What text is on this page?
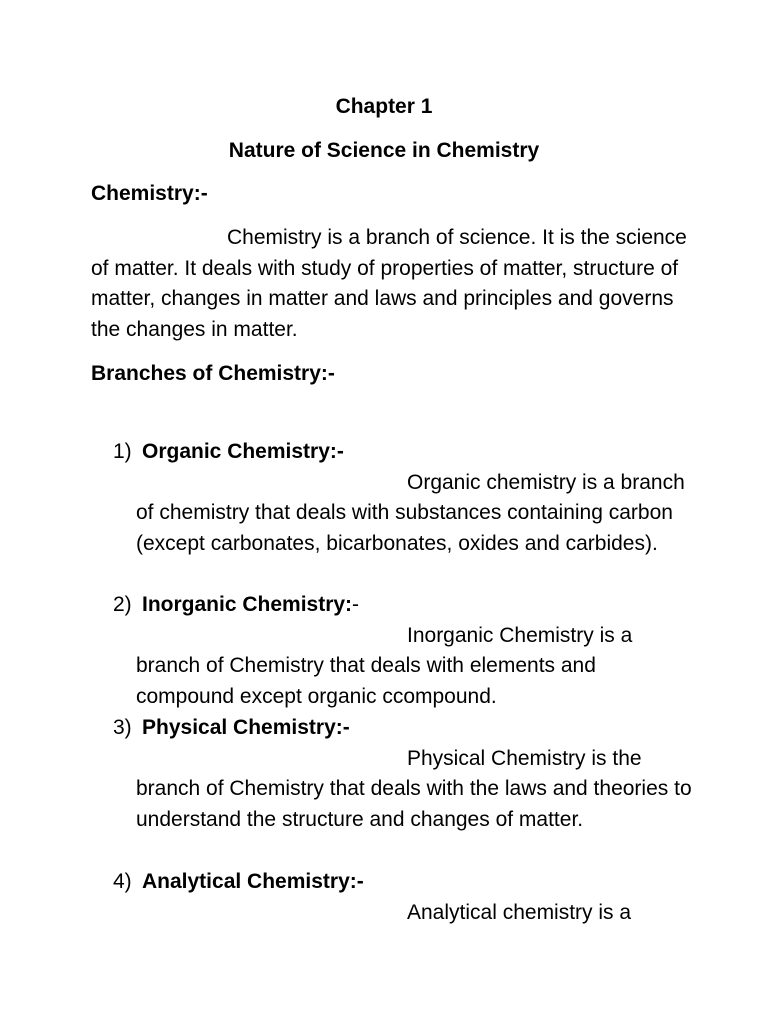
Chapter 1
Nature of Science in Chemistry
Chemistry:-

Chemistry is a branch of science. It is the science of matter. It deals with study of properties of matter, structure of matter, changes in matter and laws and principles and governs the changes in matter.

Branches of Chemistry:-
1) Organic Chemistry:-
Organic chemistry is a branch of chemistry that deals with substances containing carbon (except carbonates, bicarbonates, oxides and carbides).
2) Inorganic Chemistry:-
Inorganic Chemistry is a branch of Chemistry that deals with elements and compound except organic ccompound.
3) Physical Chemistry:-
Physical Chemistry is the branch of Chemistry that deals with the laws and theories to understand the structure and changes of matter.
4) Analytical Chemistry:-
Analytical chemistry is a
